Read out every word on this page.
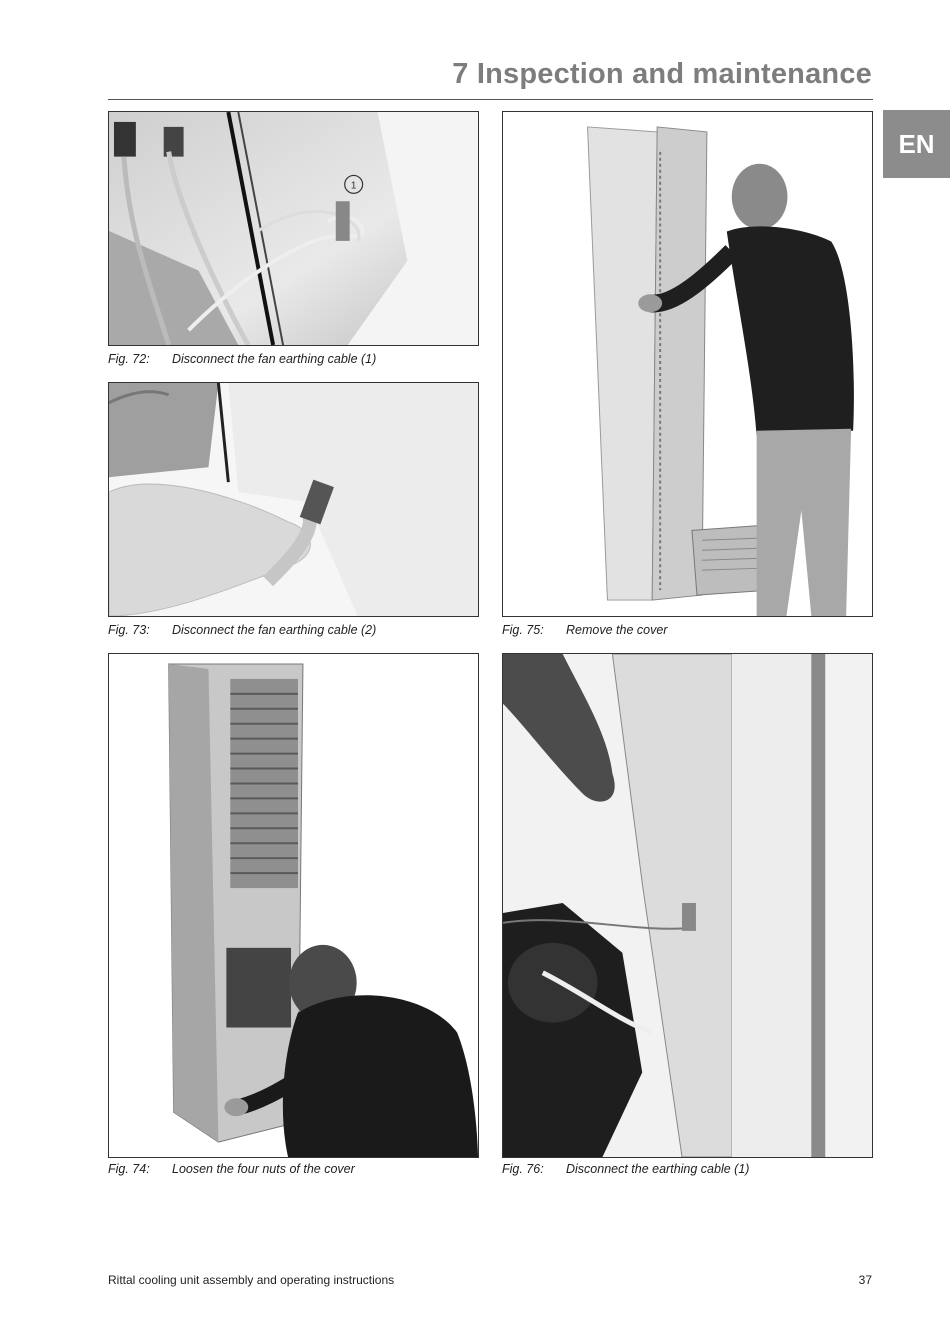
7 Inspection and maintenance
EN
1
Fig. 72: Disconnect the fan earthing cable (1)
Fig. 73: Disconnect the fan earthing cable (2)	Fig. 75: Remove the cover
Fig. 74: Loosen the four nuts of the cover	Fig. 76: Disconnect the earthing cable (1)
Rittal cooling unit assembly and operating instructions	37
